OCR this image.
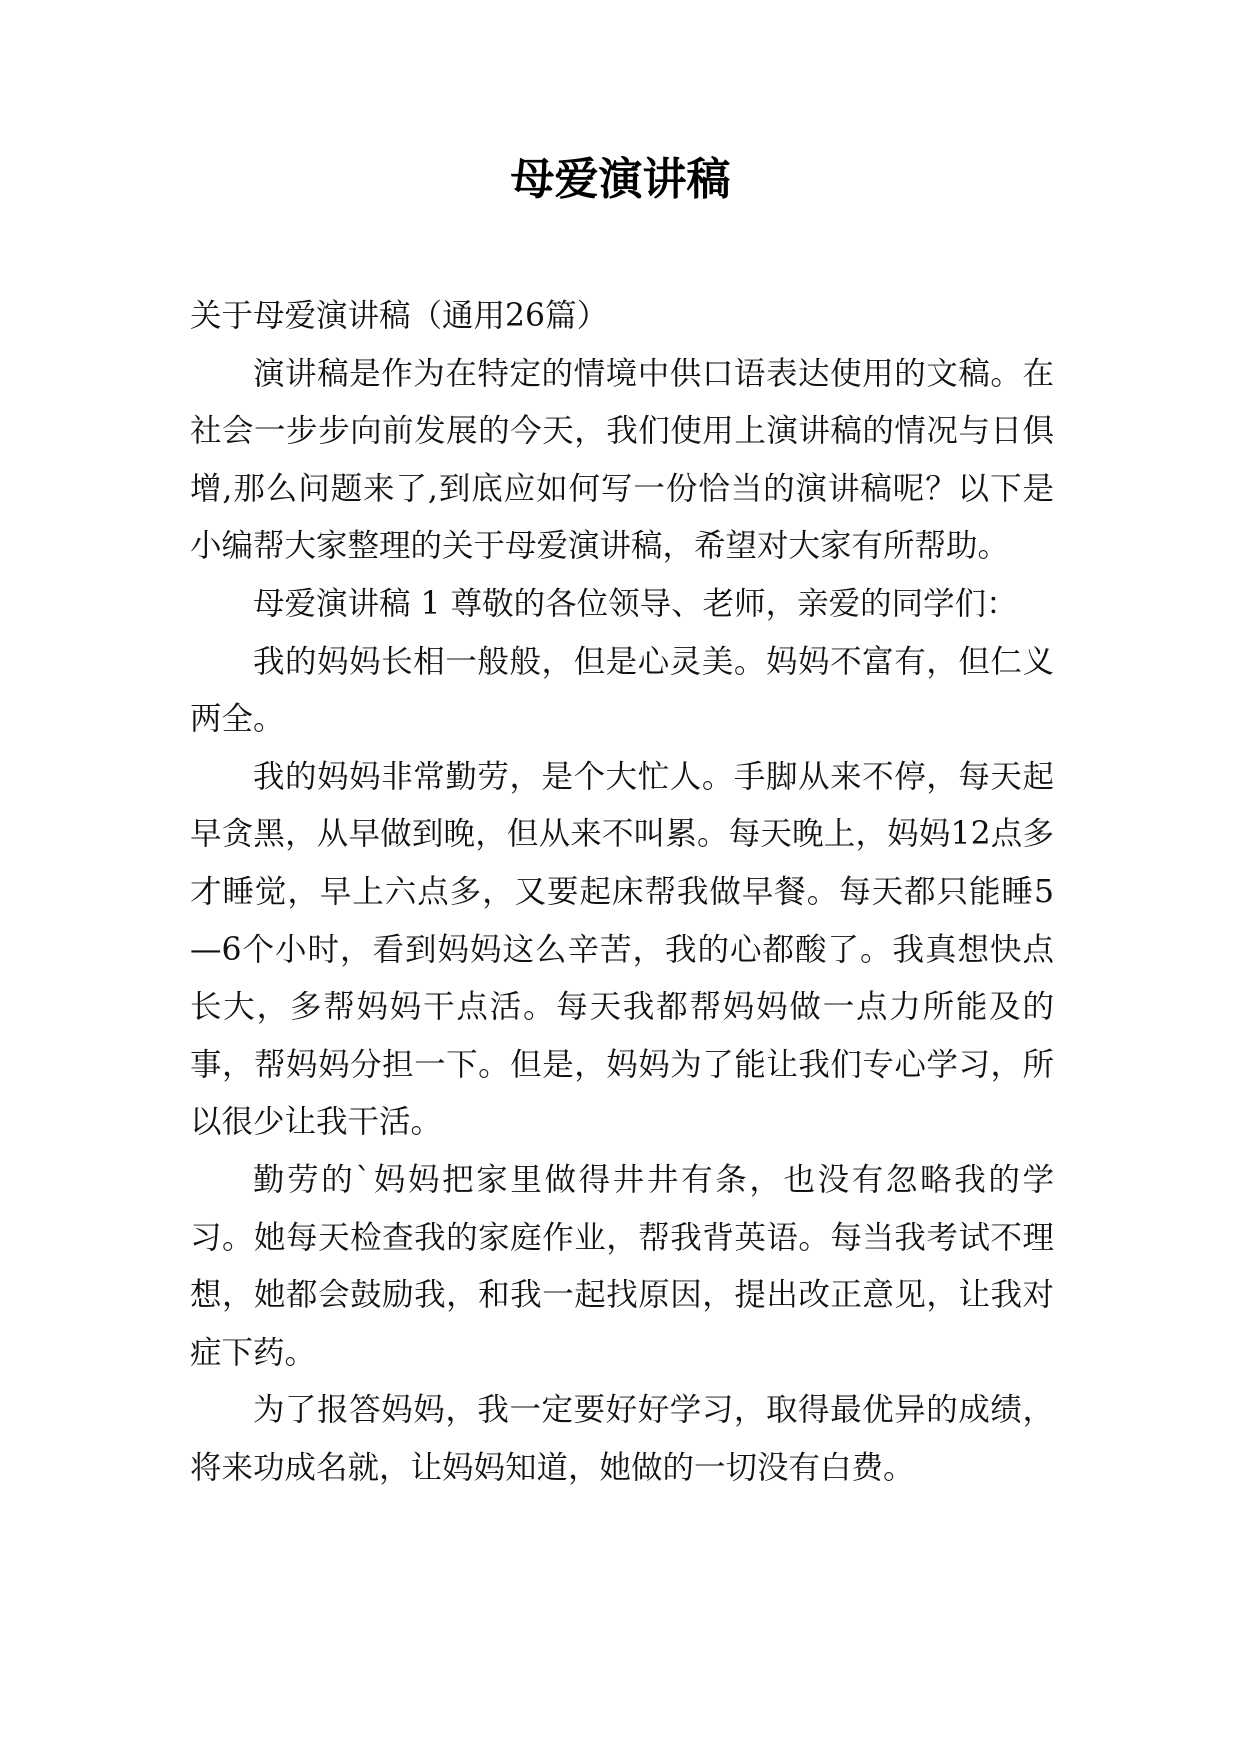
母爱演讲稿

关于母爱演讲稿（通用26篇）

演讲稿是作为在特定的情境中供口语表达使用的文稿。在社会一步步向前发展的今天，我们使用上演讲稿的情况与日俱增,那么问题来了,到底应如何写一份恰当的演讲稿呢？以下是小编帮大家整理的关于母爱演讲稿，希望对大家有所帮助。

母爱演讲稿 1 尊敬的各位领导、老师，亲爱的同学们：

我的妈妈长相一般般，但是心灵美。妈妈不富有，但仁义两全。

我的妈妈非常勤劳，是个大忙人。手脚从来不停，每天起早贪黑，从早做到晚，但从来不叫累。每天晚上，妈妈12点多才睡觉，早上六点多，又要起床帮我做早餐。每天都只能睡5—6个小时，看到妈妈这么辛苦，我的心都酸了。我真想快点长大，多帮妈妈干点活。每天我都帮妈妈做一点力所能及的事，帮妈妈分担一下。但是，妈妈为了能让我们专心学习，所以很少让我干活。

勤劳的`妈妈把家里做得井井有条，也没有忽略我的学习。她每天检查我的家庭作业，帮我背英语。每当我考试不理想，她都会鼓励我，和我一起找原因，提出改正意见，让我对症下药。

为了报答妈妈，我一定要好好学习，取得最优异的成绩，将来功成名就，让妈妈知道，她做的一切没有白费。
